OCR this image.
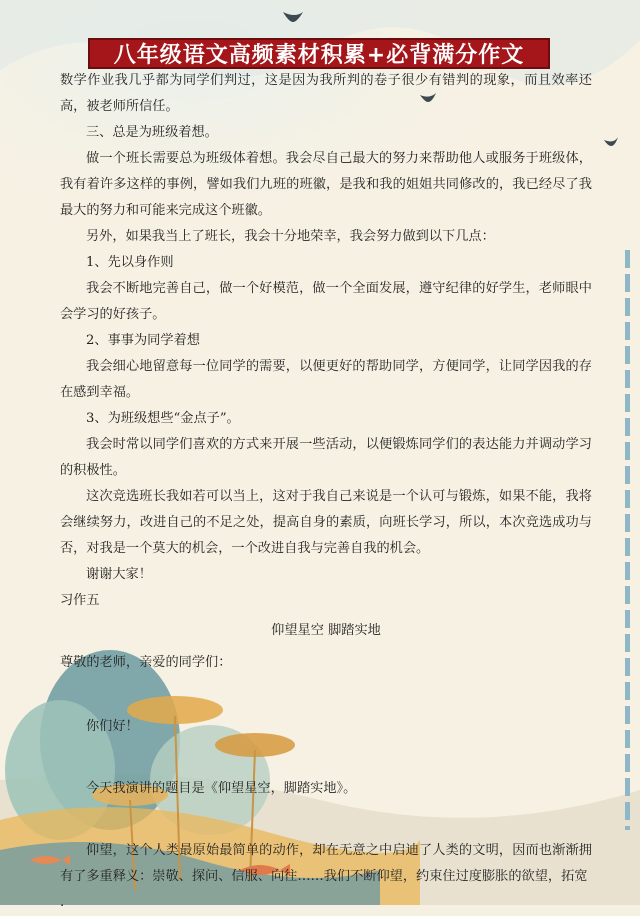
八年级语文高频素材积累+必背满分作文

数学作业我几乎都为同学们判过，这是因为我所判的卷子很少有错判的现象，而且效率还高，被老师所信任。

三、总是为班级着想。

做一个班长需要总为班级体着想。我会尽自己最大的努力来帮助他人或服务于班级体，我有着许多这样的事例，譬如我们九班的班徽，是我和我的姐姐共同修改的，我已经尽了我最大的努力和可能来完成这个班徽。

另外，如果我当上了班长，我会十分地荣幸，我会努力做到以下几点：

1、先以身作则

我会不断地完善自己，做一个好模范，做一个全面发展，遵守纪律的好学生，老师眼中会学习的好孩子。

2、事事为同学着想

我会细心地留意每一位同学的需要，以便更好的帮助同学，方便同学，让同学因我的存在感到幸福。

3、为班级想些“金点子”。

我会时常以同学们喜欢的方式来开展一些活动，以便锻炼同学们的表达能力并调动学习的积极性。

这次竞选班长我如若可以当上，这对于我自己来说是一个认可与锻炼，如果不能，我将会继续努力，改进自己的不足之处，提高自身的素质，向班长学习，所以，本次竞选成功与否，对我是一个莫大的机会，一个改进自我与完善自我的机会。

谢谢大家！

习作五

仰望星空 脚踏实地

尊敬的老师，亲爱的同学们：

你们好！

今天我演讲的题目是《仰望星空，脚踏实地》。

仰望，这个人类最原始最简单的动作，却在无意之中启迪了人类的文明，因而也渐渐拥有了多重释义：崇敬、探问、信服、向往……我们不断仰望，约束住过度膨胀的欲望，拓宽

.
